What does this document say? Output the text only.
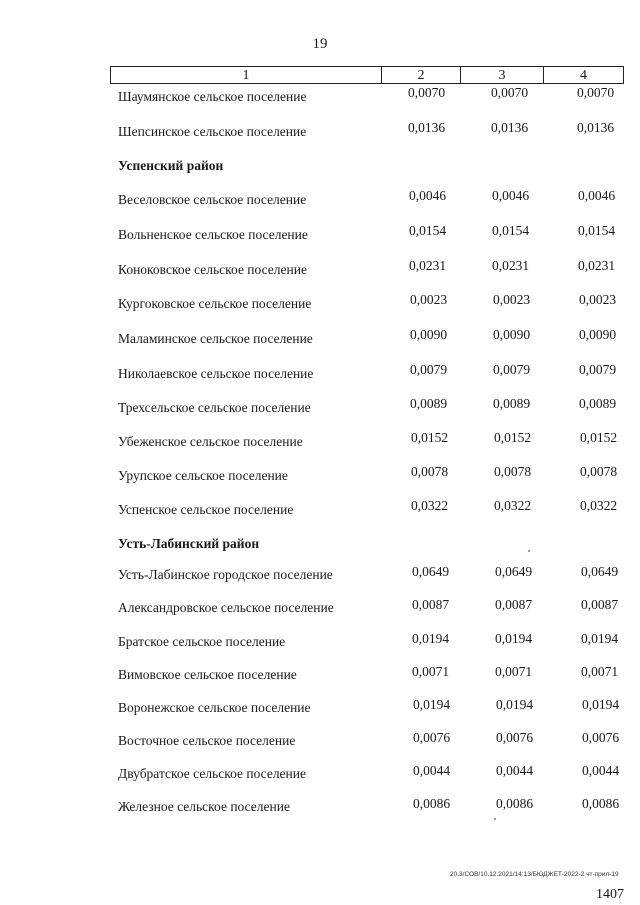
19
1	2	3	4
Шаумянское сельское поселение	0,0070	0,0070	0,0070
Шепсинское сельское поселение	0,0136	0,0136	0,0136
Успенский район
Веселовское сельское поселение	0,0046	0,0046	0,0046
Вольненское сельское поселение	0,0154	0,0154	0,0154
Коноковское сельское поселение	0,0231	0,0231	0,0231
Кургоковское сельское поселение	0,0023	0,0023	0,0023
Маламинское сельское поселение	0,0090	0,0090	0,0090
Николаевское сельское поселение	0,0079	0,0079	0,0079
Трехсельское сельское поселение	0,0089	0,0089	0,0089
Убеженское сельское поселение	0,0152	0,0152	0,0152
Урупское сельское поселение	0,0078	0,0078	0,0078
Успенское сельское поселение	0,0322	0,0322	0,0322
Усть-Лабинский район
Усть-Лабинское городское поселение	0,0649	0,0649	0,0649
Александровское сельское поселение	0,0087	0,0087	0,0087
Братское сельское поселение	0,0194	0,0194	0,0194
Вимовское сельское поселение	0,0071	0,0071	0,0071
Воронежское сельское поселение	0,0194	0,0194	0,0194
Восточное сельское поселение	0,0076	0,0076	0,0076
Двубратское сельское поселение	0,0044	0,0044	0,0044
Железное сельское поселение	0,0086	0,0086	0,0086
20.3/СОВ/10.12.2021/14:13/БЮДЖЕТ-2022-2 чт-прил-19
1407
